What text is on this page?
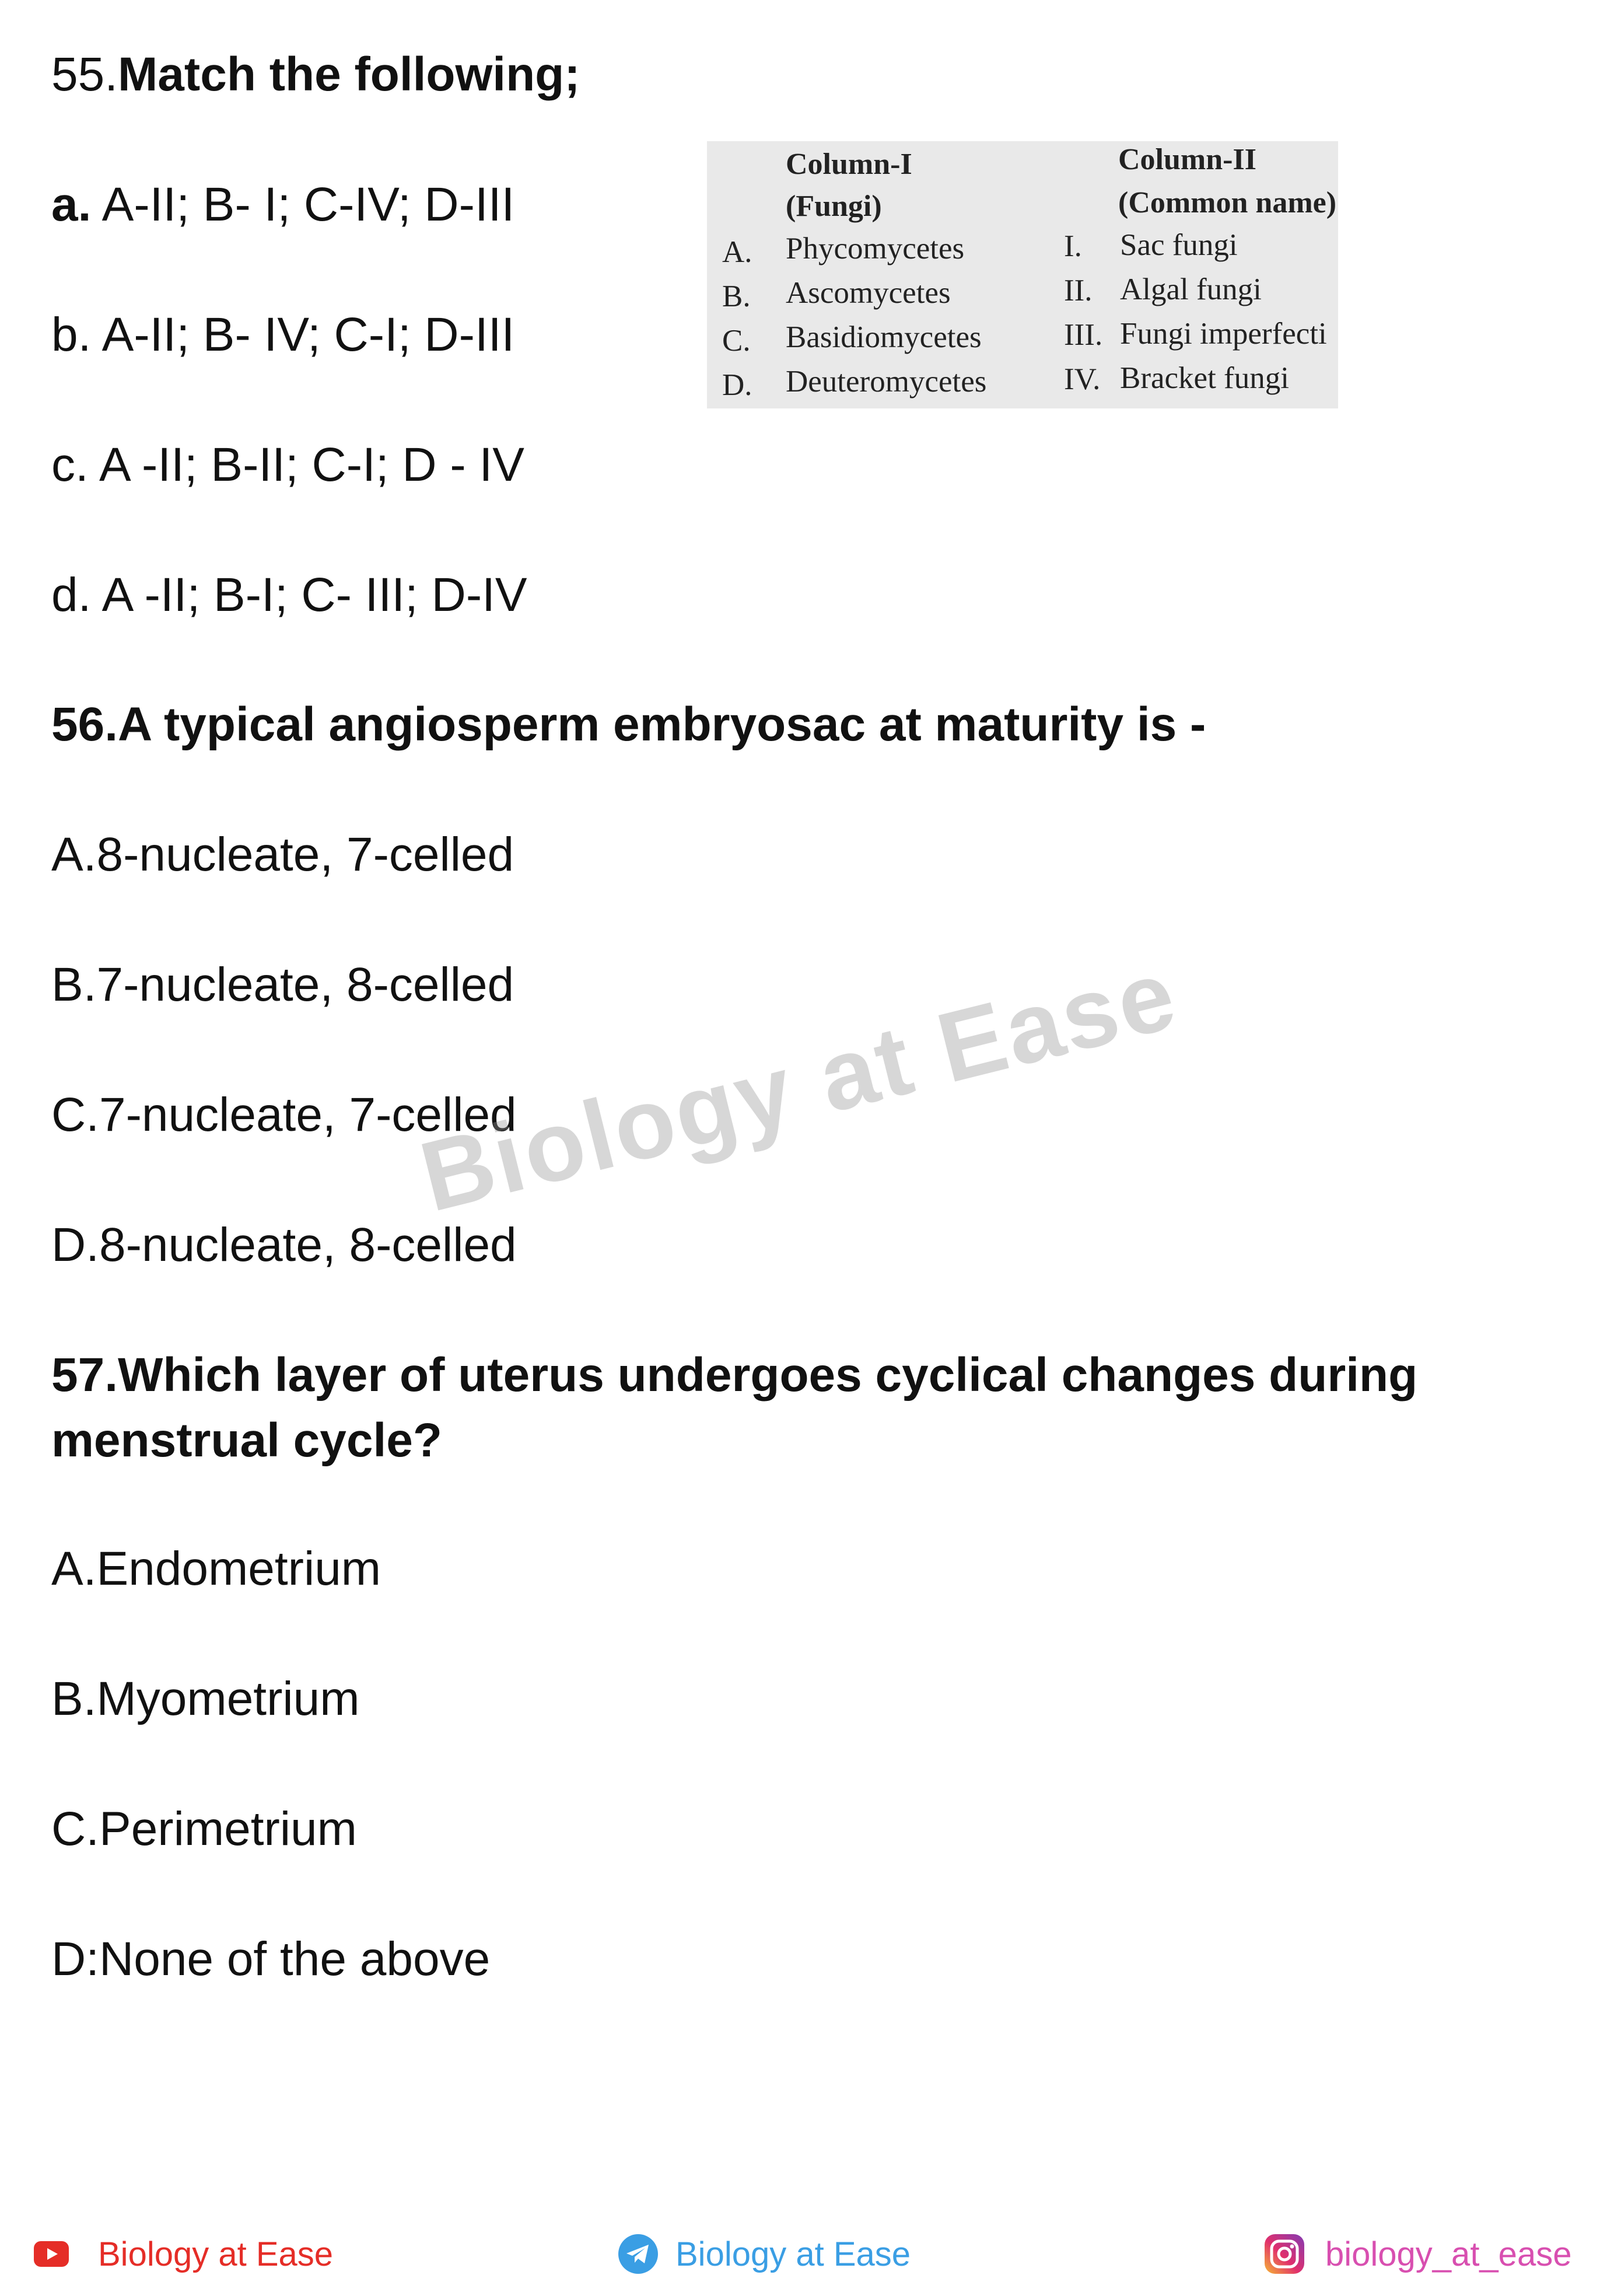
55.Match the following;
a. A-II; B- I; C-IV; D-III
b. A-II; B- IV; C-I; D-III
c. A -II; B-II; C-I; D - IV
d. A -II; B-I; C- III; D-IV
Column-I
(Fungi)
Column-II
(Common name)
A. Phycomycetes	I. Sac fungi
B. Ascomycetes	II. Algal fungi
C. Basidiomycetes	III. Fungi imperfecti
D. Deuteromycetes	IV. Bracket fungi
56.A typical angiosperm embryosac at maturity is -
A.8-nucleate, 7-celled
B.7-nucleate, 8-celled
C.7-nucleate, 7-celled
D.8-nucleate, 8-celled
57.Which layer of uterus undergoes cyclical changes during menstrual cycle?
A.Endometrium
B.Myometrium
C.Perimetrium
D:None of the above
Biology at Ease
Biology at Ease	Biology at Ease	biology_at_ease
